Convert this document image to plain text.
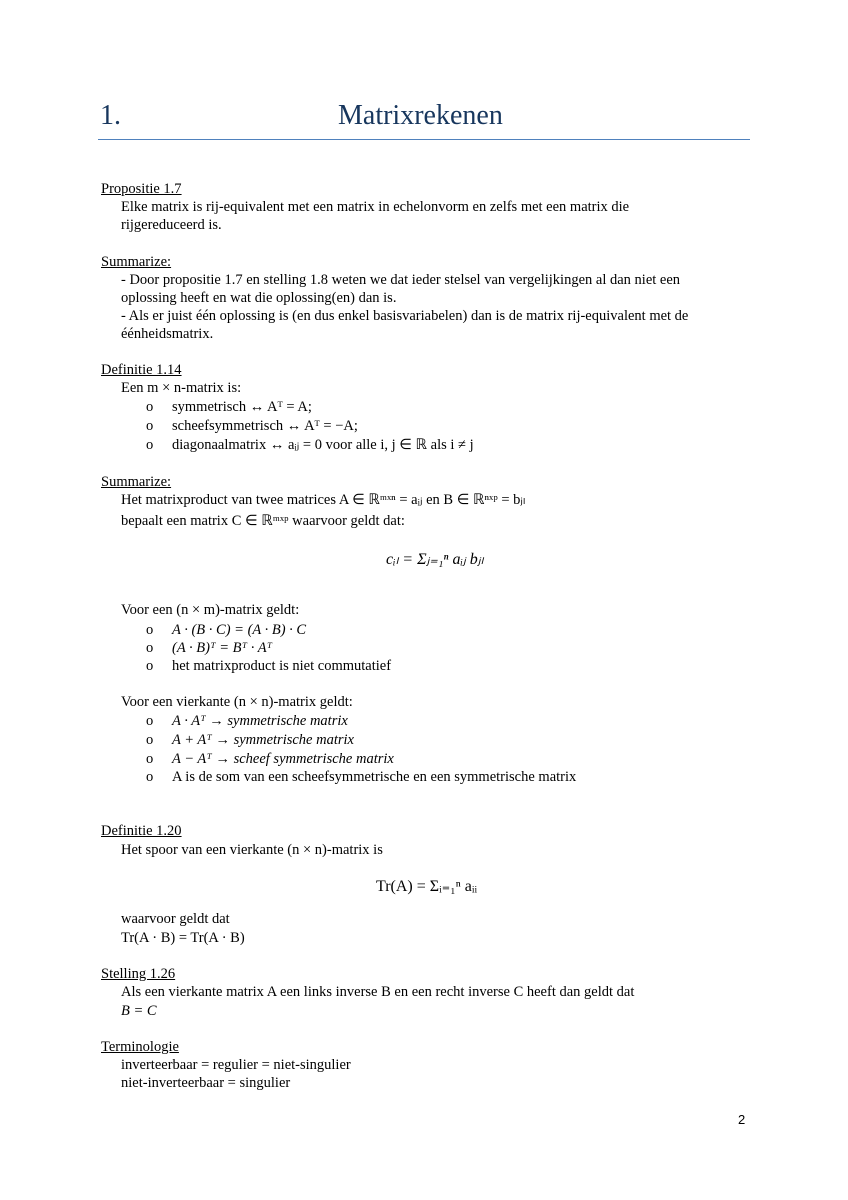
1.	Matrixrekenen
Propositie 1.7
Elke matrix is rij-equivalent met een matrix in echelonvorm en zelfs met een matrix die
rijgereduceerd is.
Summarize:
- Door propositie 1.7 en stelling 1.8 weten we dat ieder stelsel van vergelijkingen al dan niet een
oplossing heeft en wat die oplossing(en) dan is.
- Als er juist één oplossing is (en dus enkel basisvariabelen) dan is de matrix rij-equivalent met de
éénheidsmatrix.
Definitie 1.14
Een m × n-matrix is:
o symmetrisch ↔ Aᵀ = A;
o scheefsymmetrisch ↔ Aᵀ = −A;
o diagonaalmatrix ↔ aᵢⱼ = 0 voor alle i, j ∈ ℝ als i ≠ j
Summarize:
Het matrixproduct van twee matrices A ∈ ℝᵐˣⁿ = aᵢⱼ en B ∈ ℝⁿˣᵖ = bⱼₗ
bepaalt een matrix C ∈ ℝᵐˣᵖ waarvoor geldt dat:
cᵢₗ = Σⱼ₌₁ⁿ aᵢⱼ bⱼₗ
Voor een (n × m)-matrix geldt:
o A · (B · C) = (A · B) · C
o (A · B)ᵀ = Bᵀ · Aᵀ
o het matrixproduct is niet commutatief
Voor een vierkante (n × n)-matrix geldt:
o A · Aᵀ → symmetrische matrix
o A + Aᵀ → symmetrische matrix
o A − Aᵀ → scheef symmetrische matrix
o A is de som van een scheefsymmetrische en een symmetrische matrix
Definitie 1.20
Het spoor van een vierkante (n × n)-matrix is
Tr(A) = Σᵢ₌₁ⁿ aᵢᵢ
waarvoor geldt dat
Tr(A · B) = Tr(A · B)
Stelling 1.26
Als een vierkante matrix A een links inverse B en een recht inverse C heeft dan geldt dat
B = C
Terminologie
inverteerbaar = regulier = niet-singulier
niet-inverteerbaar = singulier
2
